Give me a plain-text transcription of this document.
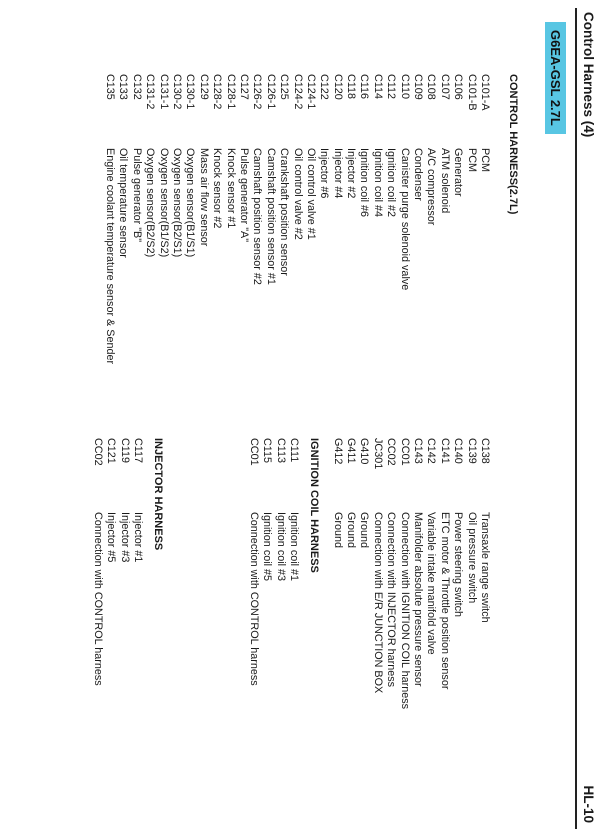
Control Harness (4)
HL-10
G6EA-GSL 2.7L
CONTROL HARNESS(2.7L)
C101-A
PCM
C101-B
PCM
C106
Generator
C107
ATM solenoid
C108
A/C compressor
C109
Condenser
C110
Canister purge solenoid valve
C112
Ignition coil #2
C114
Ignition coil #4
C116
Ignition coil #6
C118
Injector #2
C120
Injector #4
C122
Injector #6
C124-1
Oil control valve #1
C124-2
Oil control valve #2
C125
Crankshaft position sensor
C126-1
Camshaft position sensor #1
C126-2
Camshaft position sensor #2
C127
Pulse generator "A"
C128-1
Knock sensor #1
C128-2
Knock sensor #2
C129
Mass air flow sensor
C130-1
Oxygen sensor(B1/S1)
C130-2
Oxygen sensor(B2/S1)
C131-1
Oxygen sensor(B1/S2)
C131-2
Oxygen sensor(B2/S2)
C132
Pulse generator "B"
C133
Oil temperature sensor
C135
Engine coolant temperature sensor & Sender
C138
Transaxle range switch
C139
Oil pressure switch
C140
Power steering switch
C141
ETC motor & Throttle position sensor
C142
Variable intake manifold valve
C143
Manifolder absolute pressure sensor
CC01
Connection with IGNITION COIL harness
CC02
Connection with INJECTOR harness
JC301
Connection with E/R JUNCTION BOX
G410
Ground
G411
Ground
G412
Ground
IGNITION COIL HARNESS
C111
Ignition coil #1
C113
Ignition coil #3
C115
Ignition coil #5
CC01
Connection with CONTROL harness
INJECTOR HARNESS
C117
Injector #1
C119
Injector #3
C121
Injector #5
CC02
Connection with CONTROL harness
